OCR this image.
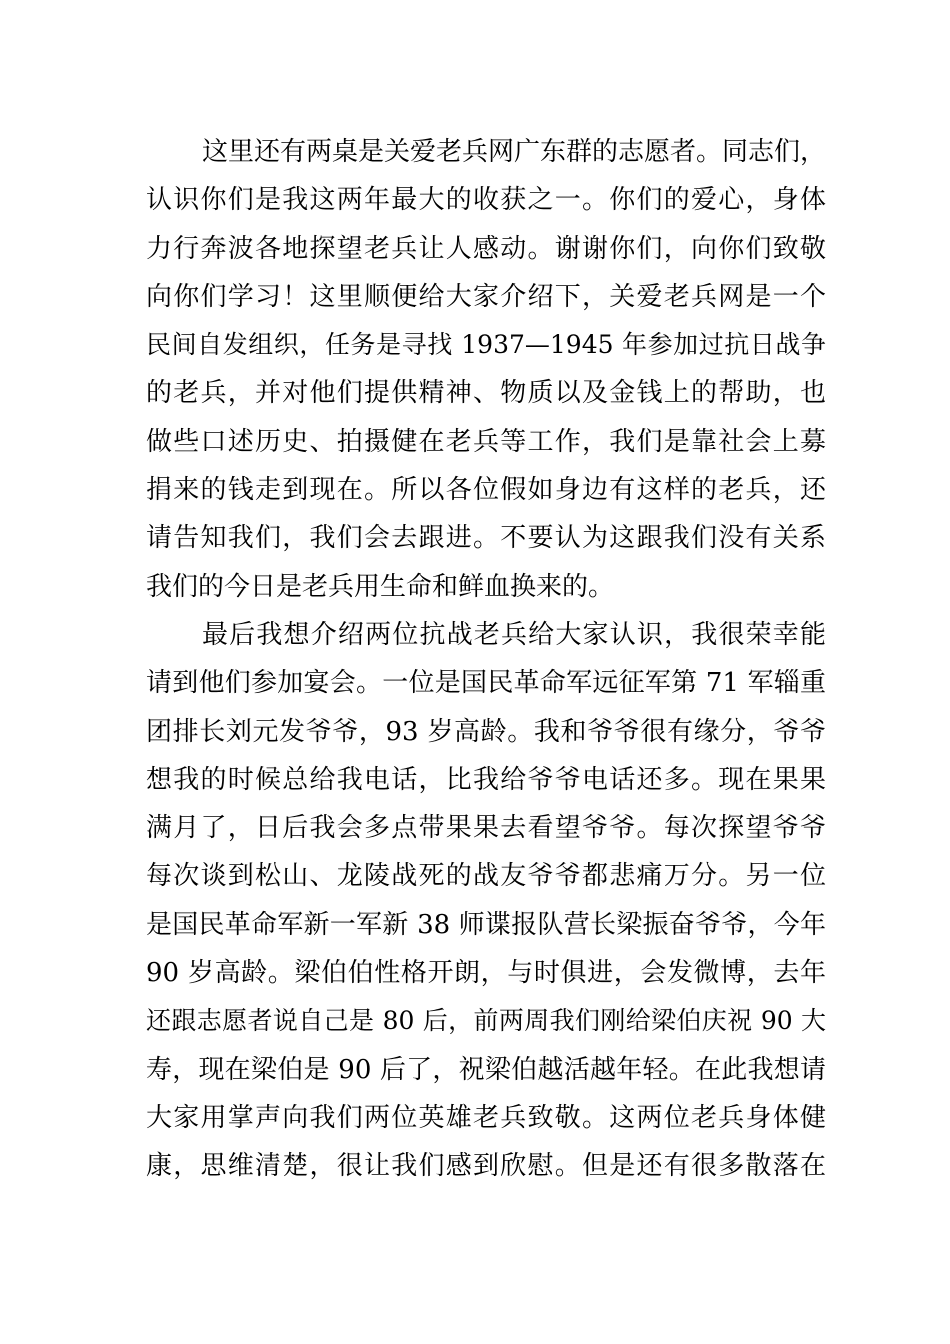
这里还有两桌是关爱老兵网广东群的志愿者。同志们，
认识你们是我这两年最大的收获之一。你们的爱心，身体
力行奔波各地探望老兵让人感动。谢谢你们，向你们致敬
向你们学习！这里顺便给大家介绍下，关爱老兵网是一个
民间自发组织，任务是寻找 1937—1945 年参加过抗日战争
的老兵，并对他们提供精神、物质以及金钱上的帮助，也
做些口述历史、拍摄健在老兵等工作，我们是靠社会上募
捐来的钱走到现在。所以各位假如身边有这样的老兵，还
请告知我们，我们会去跟进。不要认为这跟我们没有关系
我们的今日是老兵用生命和鲜血换来的。
最后我想介绍两位抗战老兵给大家认识，我很荣幸能
请到他们参加宴会。一位是国民革命军远征军第 71 军辎重
团排长刘元发爷爷，93 岁高龄。我和爷爷很有缘分，爷爷
想我的时候总给我电话，比我给爷爷电话还多。现在果果
满月了，日后我会多点带果果去看望爷爷。每次探望爷爷
每次谈到松山、龙陵战死的战友爷爷都悲痛万分。另一位
是国民革命军新一军新 38 师谍报队营长梁振奋爷爷，今年
90 岁高龄。梁伯伯性格开朗，与时俱进，会发微博，去年
还跟志愿者说自己是 80 后，前两周我们刚给梁伯庆祝 90 大
寿，现在梁伯是 90 后了，祝梁伯越活越年轻。在此我想请
大家用掌声向我们两位英雄老兵致敬。这两位老兵身体健
康，思维清楚，很让我们感到欣慰。但是还有很多散落在
